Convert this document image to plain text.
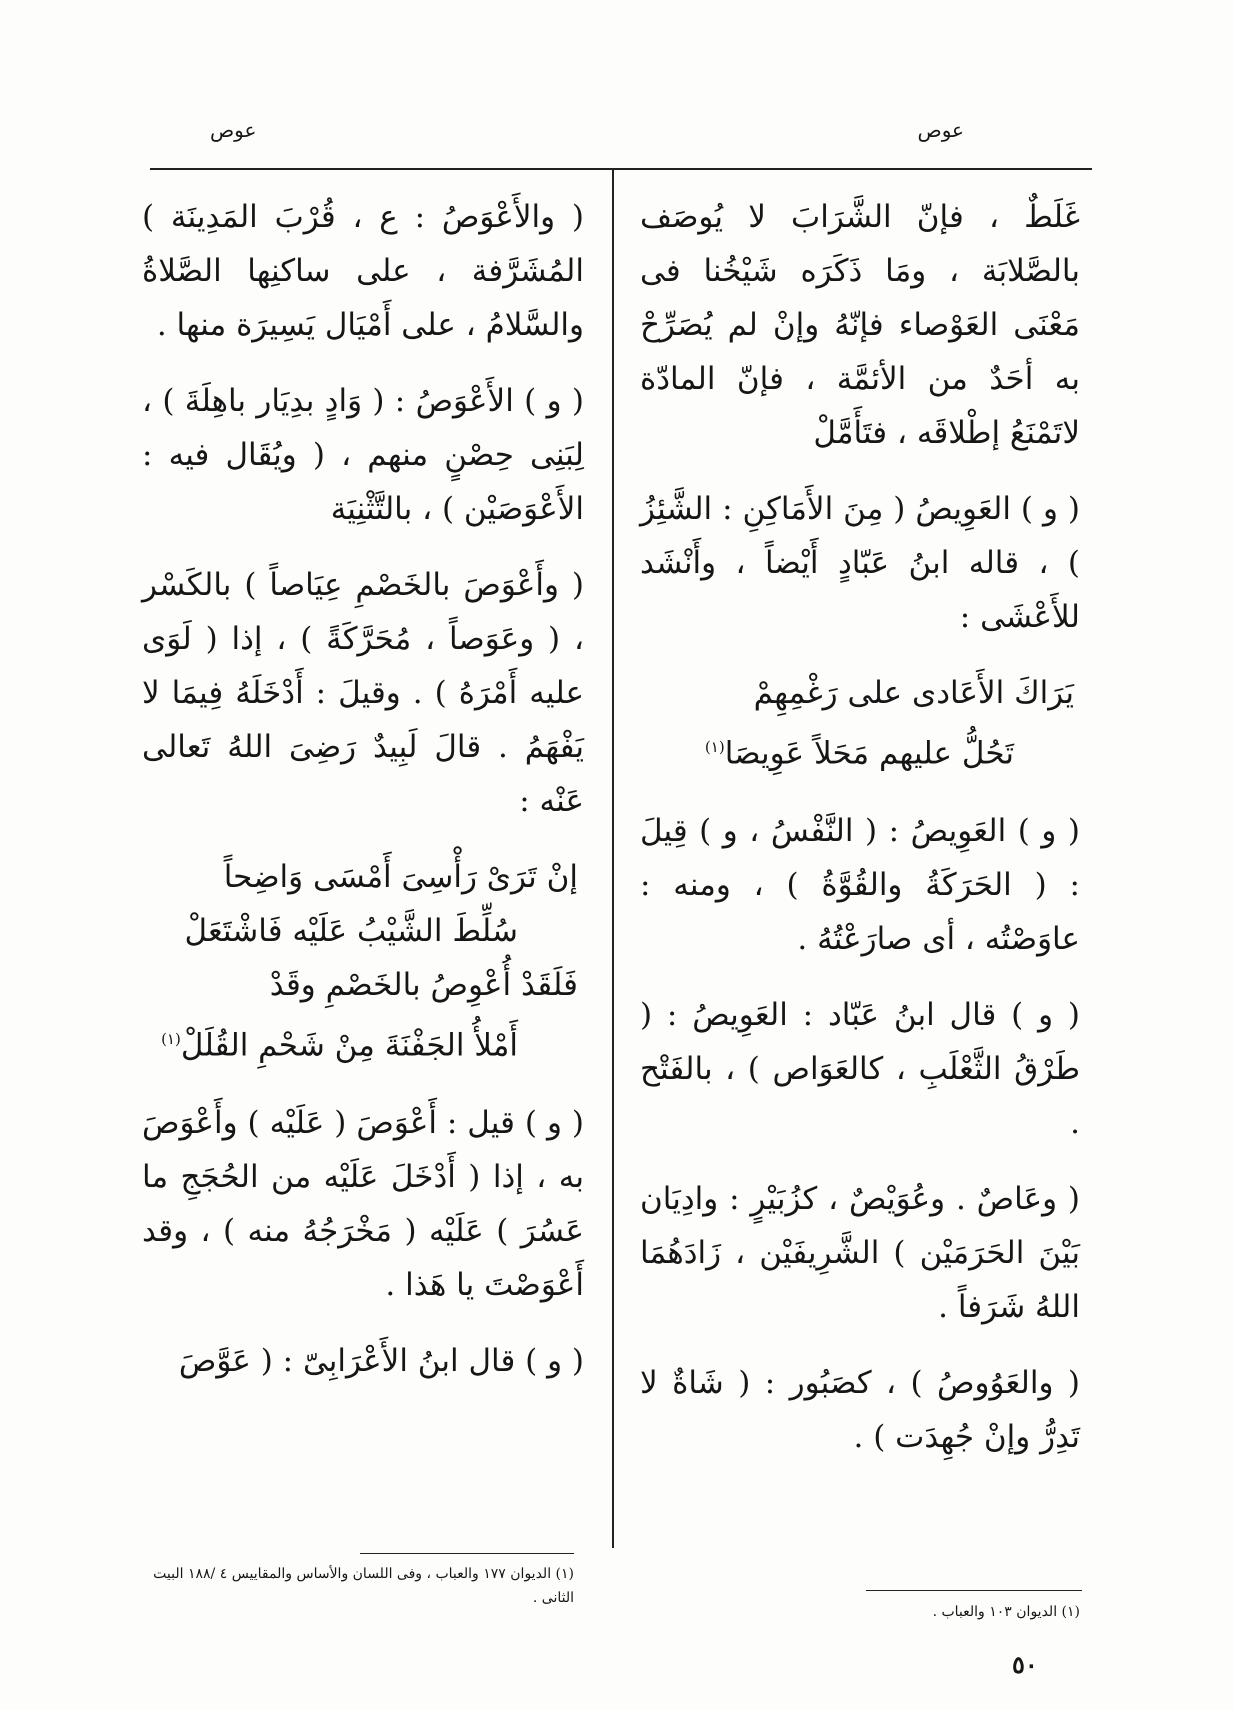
عوص
عوص

غَلَطٌ ، فإنّ الشَّرَابَ لا يُوصَف بالصَّلابَة ، ومَا ذَكَرَه شَيْخُنا فى مَعْنَى العَوْصاء فإنّهُ وإنْ لم يُصَرِّحْ به أحَدٌ من الأئمَّة ، فإنّ المادّة لاتَمْنَعُ إطْلاقَه ، فتَأَمَّلْ

( و ) العَوِيصُ ( مِنَ الأَمَاكِنِ : الشَّئِزُ ) ، قاله ابنُ عَبّادٍ أَيْضاً ، وأَنْشَد للأَعْشَى :

يَرَاكَ الأَعَادى على رَغْمِهِمْ
تَحُلُّ عليهم مَحَلاً عَوِيصَا$^{(١)}$

( و ) العَوِيصُ : ( النَّفْسُ ، و ) قِيلَ : ( الحَرَكَةُ والقُوَّةُ ) ، ومنه : عاوَصْتُه ، أى صارَعْتُهُ .

( و ) قال ابنُ عَبّاد : العَوِيصُ : ( طَرْقُ الثَّعْلَبِ ، كالعَوَاص ) ، بالفَتْح .

( وعَاصٌ . وعُوَيْصٌ ، كزُبَيْرٍ : وادِيَان بَيْنَ الحَرَمَيْن ) الشَّرِيفَيْن ، زَادَهُمَا اللهُ شَرَفاً .

( والعَوُوصُ ) ، كصَبُور : ( شَاةٌ لا تَدِرُّ وإنْ جُهِدَت ) .

( والأَعْوَصُ : ع ، قُرْبَ المَدِينَة ) المُشَرَّفة ، على ساكنِها الصَّلاةُ والسَّلامُ ، على أَمْيَال يَسِيرَة منها .

( و ) الأَعْوَصُ : ( وَادٍ بدِيَار باهِلَةَ ) ، لِبَنِى حِصْنٍ منهم ، ( ويُقَال فيه : الأَعْوَصَيْن ) ، بالتَّثْنِيَة

( وأَعْوَصَ بالخَصْمِ عِيَاصاً ) بالكَسْر ، ( وعَوَصاً ، مُحَرَّكَةً ) ، إذا ( لَوَى عليه أَمْرَهُ ) . وقيلَ : أَدْخَلَهُ فِيمَا لا يَفْهَمُ . قالَ لَبِيدٌ رَضِىَ اللهُ تَعالى عَنْه :

إنْ تَرَىْ رَأْسِىَ أَمْسَى وَاضِحاً
سُلِّطَ الشَّيْبُ عَلَيْه فَاشْتَعَلْ
فَلَقَدْ أُعْوِصُ بالخَصْمِ وقَدْ
أَمْلأُ الجَفْنَةَ مِنْ شَحْمِ القُلَلْ$^{(١)}$

( و ) قيل : أَعْوَصَ ( عَلَيْه ) وأَعْوَصَ به ، إذا ( أَدْخَلَ عَلَيْه من الحُجَجِ ما عَسُرَ ) عَلَيْه ( مَخْرَجُهُ منه ) ، وقد أَعْوَصْتَ يا هَذا .

( و ) قال ابنُ الأَعْرَابِىّ : ( عَوَّصَ

(١) الديوان ١٠٣ والعباب .
(١) الديوان ١٧٧ والعباب ، وفى اللسان والأساس والمقاييس ٤ /١٨٨ البيت الثانى .
٥٠
